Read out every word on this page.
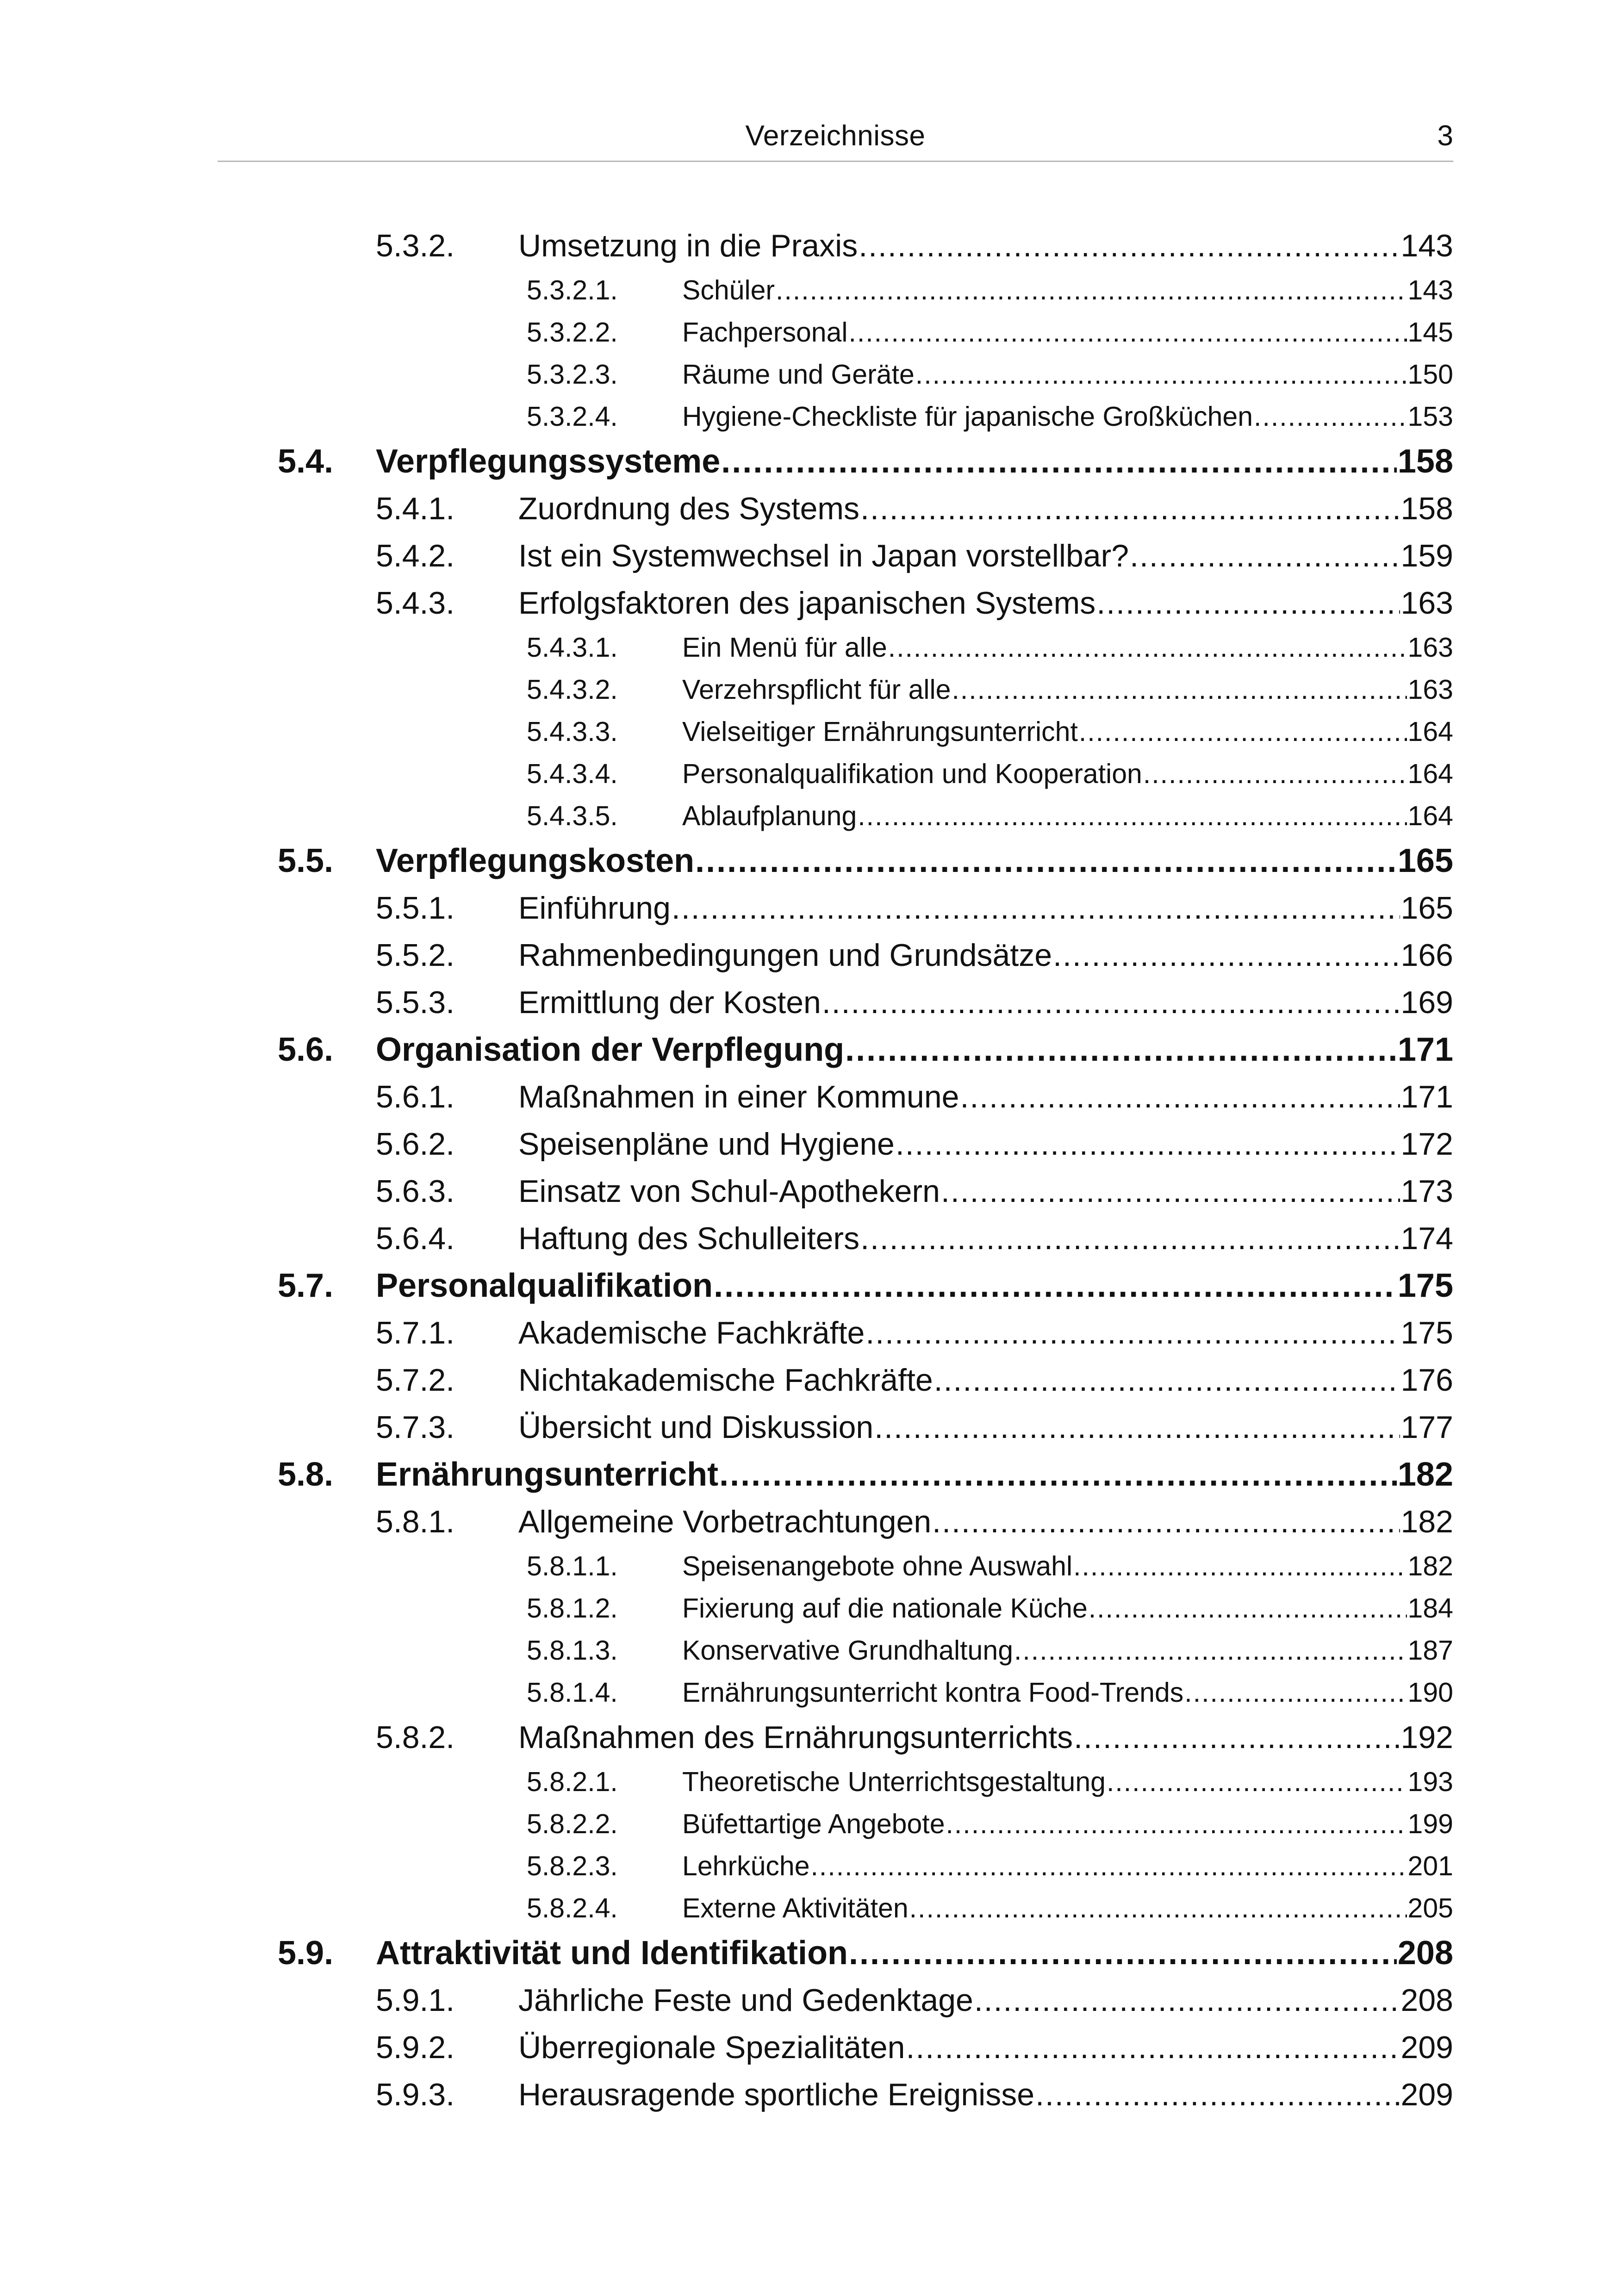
Verzeichnisse	3
5.3.2.	Umsetzung in die Praxis .....	143
5.3.2.1.	Schüler .....	143
5.3.2.2.	Fachpersonal .....	145
5.3.2.3.	Räume und Geräte .....	150
5.3.2.4.	Hygiene-Checkliste für japanische Großküchen .....	153
5.4.	Verpflegungssysteme .....	158
5.4.1.	Zuordnung des Systems .....	158
5.4.2.	Ist ein Systemwechsel in Japan vorstellbar? .....	159
5.4.3.	Erfolgsfaktoren des japanischen Systems .....	163
5.4.3.1.	Ein Menü für alle .....	163
5.4.3.2.	Verzehrspflicht für alle .....	163
5.4.3.3.	Vielseitiger Ernährungsunterricht .....	164
5.4.3.4.	Personalqualifikation und Kooperation .....	164
5.4.3.5.	Ablaufplanung .....	164
5.5.	Verpflegungskosten .....	165
5.5.1.	Einführung .....	165
5.5.2.	Rahmenbedingungen und Grundsätze .....	166
5.5.3.	Ermittlung der Kosten .....	169
5.6.	Organisation der Verpflegung .....	171
5.6.1.	Maßnahmen in einer Kommune .....	171
5.6.2.	Speisenpläne und Hygiene .....	172
5.6.3.	Einsatz von Schul-Apothekern .....	173
5.6.4.	Haftung des Schulleiters .....	174
5.7.	Personalqualifikation .....	175
5.7.1.	Akademische Fachkräfte .....	175
5.7.2.	Nichtakademische Fachkräfte .....	176
5.7.3.	Übersicht und Diskussion .....	177
5.8.	Ernährungsunterricht .....	182
5.8.1.	Allgemeine Vorbetrachtungen .....	182
5.8.1.1.	Speisenangebote ohne Auswahl .....	182
5.8.1.2.	Fixierung auf die nationale Küche .....	184
5.8.1.3.	Konservative Grundhaltung .....	187
5.8.1.4.	Ernährungsunterricht kontra Food-Trends .....	190
5.8.2.	Maßnahmen des Ernährungsunterrichts .....	192
5.8.2.1.	Theoretische Unterrichtsgestaltung .....	193
5.8.2.2.	Büfettartige Angebote .....	199
5.8.2.3.	Lehrküche .....	201
5.8.2.4.	Externe Aktivitäten .....	205
5.9.	Attraktivität und Identifikation .....	208
5.9.1.	Jährliche Feste und Gedenktage .....	208
5.9.2.	Überregionale Spezialitäten .....	209
5.9.3.	Herausragende sportliche Ereignisse .....	209
